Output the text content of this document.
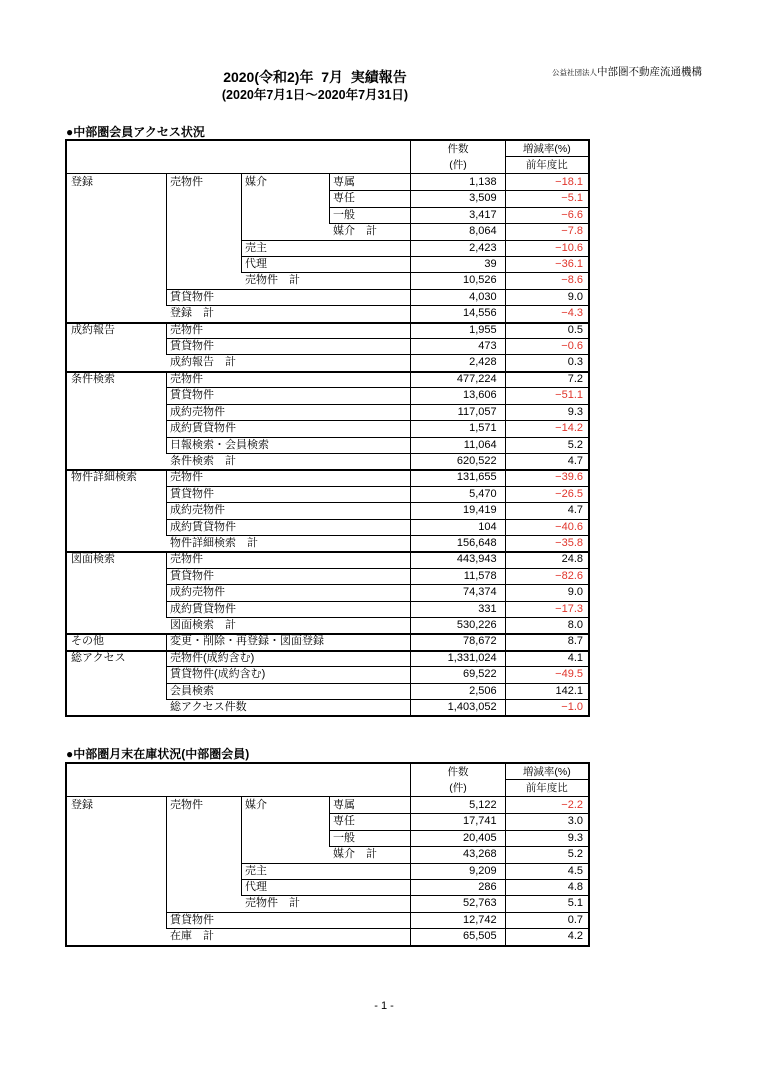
公益社団法人中部圏不動産流通機構
2020(令和2)年  7月  実績報告
(2020年7月1日～2020年7月31日)
●中部圏会員アクセス状況
件数
(件)
増減率(%)
前年度比
登録	売物件	媒介	専属	1,138	−18.1
専任	3,509	−5.1
一般	3,417	−6.6
媒介　計	8,064	−7.8
売主	2,423	−10.6
代理	39	−36.1
売物件　計	10,526	−8.6
賃貸物件	4,030	9.0
登録　計	14,556	−4.3
成約報告	売物件	1,955	0.5
賃貸物件	473	−0.6
成約報告　計	2,428	0.3
条件検索	売物件	477,224	7.2
賃貸物件	13,606	−51.1
成約売物件	117,057	9.3
成約賃貸物件	1,571	−14.2
日報検索・会員検索	11,064	5.2
条件検索　計	620,522	4.7
物件詳細検索	売物件	131,655	−39.6
賃貸物件	5,470	−26.5
成約売物件	19,419	4.7
成約賃貸物件	104	−40.6
物件詳細検索　計	156,648	−35.8
図面検索	売物件	443,943	24.8
賃貸物件	11,578	−82.6
成約売物件	74,374	9.0
成約賃貸物件	331	−17.3
図面検索　計	530,226	8.0
その他	変更・削除・再登録・図面登録	78,672	8.7
総アクセス	売物件(成約含む)	1,331,024	4.1
賃貸物件(成約含む)	69,522	−49.5
会員検索	2,506	142.1
総アクセス件数	1,403,052	−1.0
●中部圏月末在庫状況(中部圏会員)
件数
(件)
増減率(%)
前年度比
登録	売物件	媒介	専属	5,122	−2.2
専任	17,741	3.0
一般	20,405	9.3
媒介　計	43,268	5.2
売主	9,209	4.5
代理	286	4.8
売物件　計	52,763	5.1
賃貸物件	12,742	0.7
在庫　計	65,505	4.2
- 1 -
